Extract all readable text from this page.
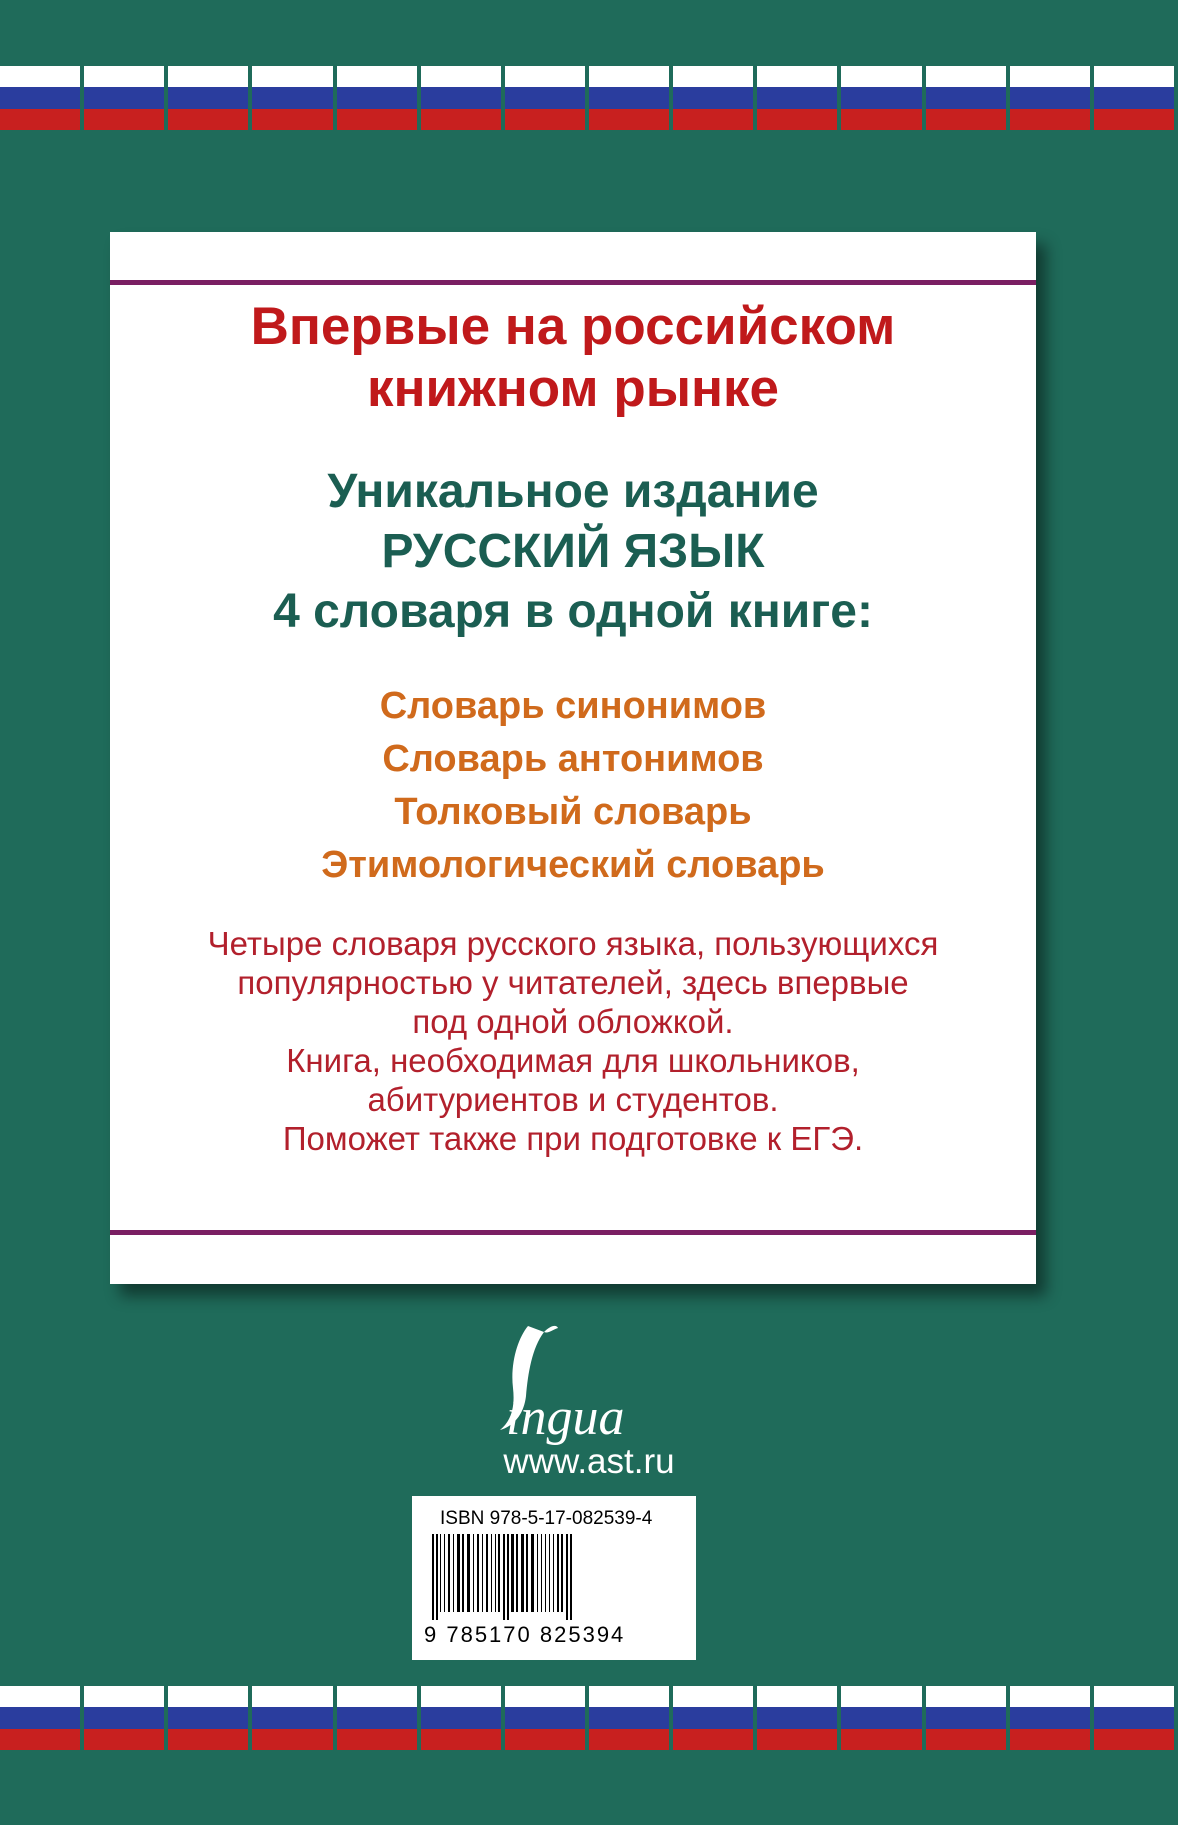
Впервые на российском
книжном рынке
Уникальное издание
РУССКИЙ ЯЗЫК
4 словаря в одной книге:
Словарь синонимов
Словарь антонимов
Толковый словарь
Этимологический словарь
Четыре словаря русского языка, пользующихся
популярностью у читателей, здесь впервые
под одной обложкой.
Книга, необходимая для школьников,
абитуриентов и студентов.
Поможет также при подготовке к ЕГЭ.
ingua
www.ast.ru
ISBN 978-5-17-082539-4
9 785170 825394
